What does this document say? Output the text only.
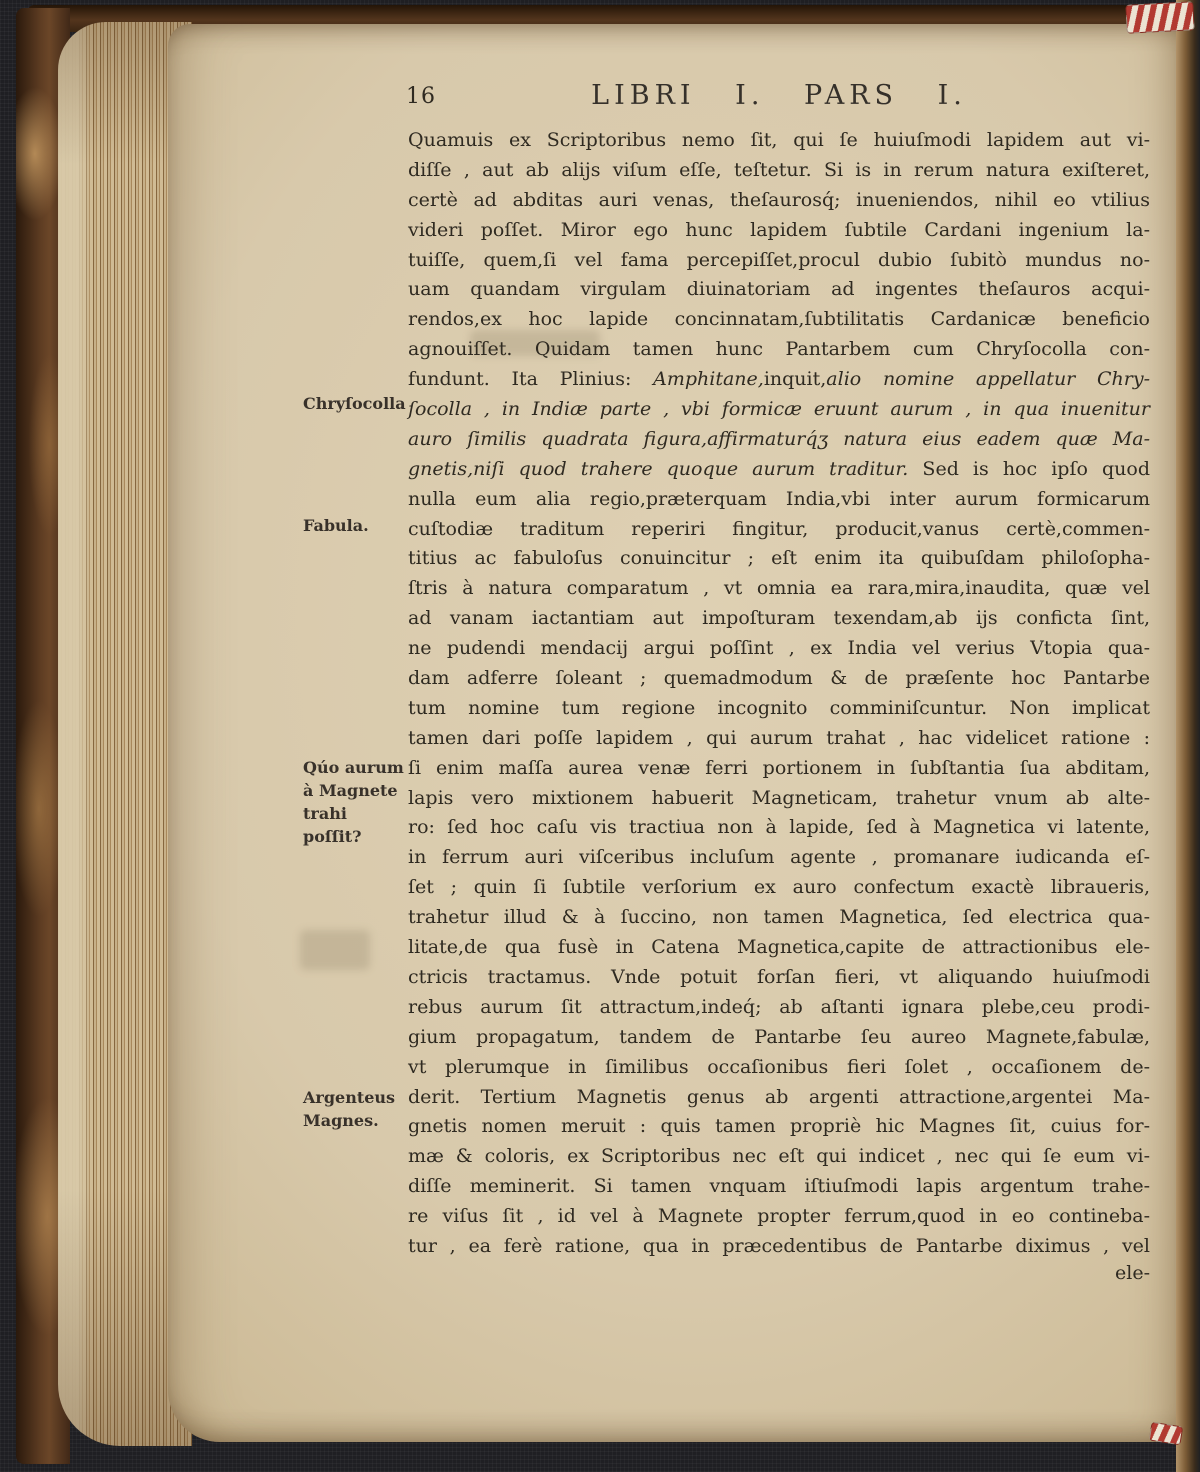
16	LIBRI I. PARS I.
Quamuis ex Scriptoribus nemo ſit, qui ſe huiuſmodi lapidem aut vi-
diſſe , aut ab alijs viſum eſſe, teſtetur. Si is in rerum natura exiſteret,
certè ad abditas auri venas, theſaurosq́; inueniendos, nihil eo vtilius
videri poſſet. Miror ego hunc lapidem ſubtile Cardani ingenium la-
tuiſſe, quem,ſi vel fama percepiſſet,procul dubio ſubitò mundus no-
uam quandam virgulam diuinatoriam ad ingentes theſauros acqui-
rendos,ex hoc lapide concinnatam,ſubtilitatis Cardanicæ beneficio
agnouiſſet. Quidam tamen hunc Pantarbem cum Chryſocolla con-
fundunt. Ita Plinius: Amphitane,inquit,alio nomine appellatur Chry-
ſocolla , in Indiæ parte , vbi formicæ eruunt aurum , in qua inuenitur
auro ſimilis quadrata figura,affirmaturq́ʒ natura eius eadem quæ Ma-
gnetis,niſi quod trahere quoque aurum traditur. Sed is hoc ipſo quod
nulla eum alia regio,præterquam India,vbi inter aurum formicarum
cuſtodiæ traditum reperiri fingitur, producit,vanus certè,commen-
titius ac fabuloſus conuincitur ; eſt enim ita quibuſdam philoſopha-
ſtris à natura comparatum , vt omnia ea rara,mira,inaudita, quæ vel
ad vanam iactantiam aut impoſturam texendam,ab ijs conficta ſint,
ne pudendi mendacij argui poſſint , ex India vel verius Vtopia qua-
dam adferre ſoleant ; quemadmodum & de præſente hoc Pantarbe
tum nomine tum regione incognito comminiſcuntur. Non implicat
tamen dari poſſe lapidem , qui aurum trahat , hac videlicet ratione :
ſi enim maſſa aurea venæ ferri portionem in ſubſtantia ſua abditam,
lapis vero mixtionem habuerit Magneticam, trahetur vnum ab alte-
ro: ſed hoc caſu vis tractiua non à lapide, ſed à Magnetica vi latente,
in ferrum auri viſceribus incluſum agente , promanare iudicanda eſ-
ſet ; quin ſi ſubtile verſorium ex auro confectum exactè libraueris,
trahetur illud & à ſuccino, non tamen Magnetica, ſed electrica qua-
litate,de qua fusè in Catena Magnetica,capite de attractionibus ele-
ctricis tractamus. Vnde potuit forſan fieri, vt aliquando huiuſmodi
rebus aurum ſit attractum,indeq́; ab aſtanti ignara plebe,ceu prodi-
gium propagatum, tandem de Pantarbe ſeu aureo Magnete,fabulæ,
vt plerumque in ſimilibus occaſionibus fieri ſolet , occaſionem de-
derit. Tertium Magnetis genus ab argenti attractione,argentei Ma-
gnetis nomen meruit : quis tamen propriè hic Magnes ſit, cuius for-
mæ & coloris, ex Scriptoribus nec eſt qui indicet , nec qui ſe eum vi-
diſſe meminerit. Si tamen vnquam iſtiuſmodi lapis argentum trahe-
re viſus ſit , id vel à Magnete propter ferrum,quod in eo contineba-
tur , ea ferè ratione, qua in præcedentibus de Pantarbe diximus , vel
ele-
Chryſocolla
Fabula.
Qúo aurum
à Magnete
trahi poſſit?
Argenteus
Magnes.
